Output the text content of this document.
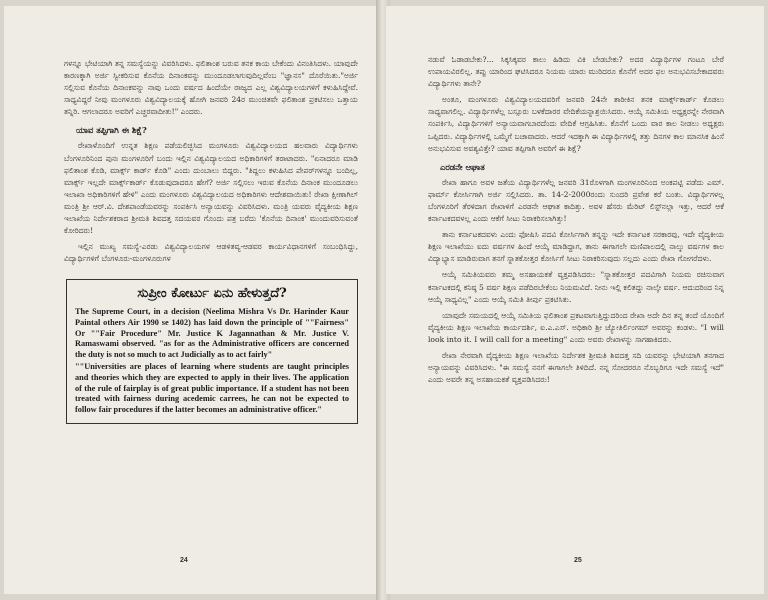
ಗಳನ್ನೂ ಭೇಟಿಯಾಗಿ ತನ್ನ ಸಮಸ್ಯೆಯನ್ನು ವಿವರಿಸಿದಳು. ಫಲಿತಾಂಶ ಬರುವ ತನಕ ಕಾಯ ಬೇಕೆಂದು ವಿನಂತಿಸಿದಳು. ಯಾವುದೇ ಕಾರಣಕ್ಕಾಗಿ ಅರ್ಜಿ ಸ್ವೀಕರಿಸುವ ಕೊನೆಯ ದಿನಾಂಕವನ್ನು ಮುಂದೂಡಲಾಗುವುದಿಲ್ಲವೆಂಬ "ಜ್ಞಾನಸ" ದೊರೆಯಿತು."ಅರ್ಜಿ ಸಲ್ಲಿಸುವ ಕೊನೆಯ ದಿನಾಂಕವನ್ನು ನಾವು ಒಂದು ವರ್ಷದ ಹಿಂದೆಯೇ ರಾಜ್ಯದ ಎಲ್ಲ ವಿಶ್ವವಿದ್ಯಾಲಯಗಳಿಗೆ ಕಳುಹಿಸಿದ್ದೇವೆ. ಸಾಧ್ಯವಿದ್ದರೆ ನೀವು ಮಂಗಳೂರು ವಿಶ್ವವಿದ್ಯಾಲಯಕ್ಕೆ ಹೋಗಿ ಜನವರಿ 24ರ ಮುಂಚಿತವೇ ಫಲಿತಾಂಶ ಪ್ರಕಟಿಸಲು ಒತ್ತಾಯ ತನ್ನಿರಿ. ಆಗಲಾದರೂ ಅವರಿಗೆ ಎಚ್ಚರವಾದೀತು!" ಎಂದರು.

ಯಾವ ತಪ್ಪಿಗಾಗಿ ಈ ಶಿಕ್ಷೆ?

ರೇಖಾಳೊಂದಿಗೆ ಉನ್ನತ ಶಿಕ್ಷಣ ಪಡೆಯಲಿಚ್ಛಿಸಿದ ಮಂಗಳೂರು ವಿಶ್ವವಿದ್ಯಾಲಯದ ಹಲವಾರು ವಿದ್ಯಾರ್ಥಿಗಳು ಬೆಂಗಳೂರಿನಿಂದ ಪುನಃ ಮಂಗಳೂರಿಗೆ ಬಂದು ಇಲ್ಲಿನ ವಿಶ್ವವಿದ್ಯಾಲಯದ ಅಧಿಕಾರಿಗಳಿಗೆ ತರಾಟಾದರು. "ಏನಾದರೂ ಮಾಡಿ ಫಲಿತಾಂಶ ಕೊಡಿ, ಮಾರ್ಕ್ಸ್ ಕಾರ್ಡ್ ಕೊಡಿ" ಎಂದು ದುಂಬಾಲು ಬಿದ್ದರು. "ತಿದ್ದಲು ಕಳುಹಿಸಿದ ಪೇಪರ್‌ಗಳನ್ನೂ ಬಂದಿಲ್ಲ, ಮಾರ್ಕ್ಸ್ ಇಲ್ಲದೇ ಮಾರ್ಕ್ಸ್‌ಕಾರ್ಡ್ ಕೊಡುವುದಾದರೂ ಹೇಗೆ? ಅರ್ಜಿ ಸಲ್ಲಿಸಲು ಇರುವ ಕೊನೆಯ ದಿನಾಂಕ ಮುಂದೂಡಲು ಇಲಾಖಾ ಅಧಿಕಾರಿಗಳಿಗೆ ಹೇಳಿ" ಎಂದು ಮಂಗಳೂರು ವಿಶ್ವವಿದ್ಯಾಲಯದ ಅಧಿಕಾರಿಗಳು ಆದೇಶವಾಯಿತು! ರೇಖಾ ಕ್ಷೀಣಾಗಿಲ್ ಮಂತ್ರಿ ಶ್ರೀ ಆರ್.ವಿ. ದೇಶಪಾಂಡೆಯವರನ್ನು ಸಂಪರ್ಕಿಸಿ ಅನ್ಯಾಯವನ್ನು ವಿವರಿಸಿದಳು. ಮಂತ್ರಿ ಯವರು ವೈದ್ಯಕೀಯ ಶಿಕ್ಷಣ ಇಲಾಖೆಯ ನಿರ್ದೇಶಕರಾದ ಶ್ರೀಮತಿ ಶಿವದತ್ತ ಸದಯವರ ಗೊಂದು ಪತ್ರ ಬರೆದು 'ಕೊನೆಯ ದಿನಾಂಕ' ಮುಂದುವರಿಸುವಂತೆ ಕೋರಿದರು!

ಇಲ್ಲಿನ ಮುಖ್ಯ ಸಮಸ್ಯೆ-ಎರಡು ವಿಶ್ವವಿದ್ಯಾಲಯಗಳ ಆಡಳಿತವ್ಯ-ಆಡವರ ಕಾರ್ಯವಿಧಾನಗಳಿಗೆ ಸಂಬಂಧಿಸಿದ್ದು, ವಿದ್ಯಾರ್ಥಿಗಳಿಗೆ ಬೆಂಗಳೂರು-ಮಂಗಳೂರುಗಳ

ಸುಪ್ರೀಂ ಕೋರ್ಟು ಏನು ಹೇಳುತ್ತದೆ?

The Supreme Court, in a decision (Neelima Mishra Vs Dr. Harinder Kaur Paintal others Air 1990 se 1402) has laid down the principle of ""Fairness" Or ""Fair Procedure" Mr. Justice K Jagannathan & Mr. Justice V. Ramaswami observed. "as for as the Administrative officers are concerned the duty is not so much to act Judicially as to act fairly"

""Universities are places of learning where students are taught principles and theories which they are expected to apply in their lives. The application of the rule of fairplay is of great public importance. If a student has not been treated with fairness during acedemic carrees, he can not be expected to follow fair procedures if the latter becomes an administrative officer."

24

ನಡುವೆ ಓಡಾಡಬೇಕು?... ಸಿಕ್ಕಸಿಕ್ಕವರ ಕಾಲು ಹಿಡಿದು ವಿಕಿ ಬೇಡಬೇಕು? ಅದರ ವಿದ್ಯಾರ್ಥಿಗಳ ಗಂಟೂ ಬೇರೆ ಉಪಾಯವಿರಲಿಲ್ಲ. ತಪ್ಪು ಯಾರಿಂದ ಘಟಿಸಿದರೂ ನಿಯಮ ಯಾರು ಮುರಿದರೂ ಕೊನೆಗೆ ಅದರ ಫಲ ಅನುಭವಿಸಬೇಕಾದವರು ವಿದ್ಯಾರ್ಥಿಗಳು ತಾನೇ?

ಅಂತೂ, ಮಂಗಳೂರು ವಿಶ್ವವಿದ್ಯಾಲಯದವರಿಗೆ ಜನವರಿ 24ನೇ ತಾರೀಕಿನ ತನಕ ಮಾರ್ಕ್ಸ್‌ಕಾರ್ಡ್ ಕೊಡಲು ಸಾಧ್ಯವಾಗಲಿಲ್ಲ. ವಿದ್ಯಾರ್ಥಿಗಳೆಲ್ಲ ಬಸ್ಸೂರು ಬಳಕೆದಾರರ ವೇದಿಕೆಯನ್ನಾಶ್ರಯಿಸಿದರು. ಆಯ್ಕೆ ಸಮಿತಿಯ ಅಧ್ಯಕ್ಷರನ್ನೇ ನೇರವಾಗಿ ಸಂಪರ್ಕಿಸಿ, ವಿದ್ಯಾರ್ಥಿಗಳಿಗೆ ಅನ್ಯಾಯವಾಗಬಾರದೆಂದು ವೇದಿಕೆ ಆಗ್ರಹಿಸಿತು. ಕೊನೆಗೆ ಒಂದು ವಾರ ಕಾಲ ನೀಡಲು ಅಧ್ಯಕ್ಷರು ಒಪ್ಪಿದರು. ವಿದ್ಯಾರ್ಥಿಗಳಲ್ಲಿ ಒಮ್ಮೆಗೆ ಬಚಾವಾದರು. ಆದರೆ ಇದಕ್ಕಾಗಿ ಈ ವಿದ್ಯಾರ್ಥಿಗಳಲ್ಲಿ ತತ್ತು ದಿನಗಳ ಕಾಲ ಮಾನಸಿಕ ಹಿಂಸೆ ಅನುಭವಿಸುವ ಅವಶ್ಯವಿತ್ತೇ? ಯಾವ ತಪ್ಪಿಗಾಗಿ ಅವರಿಗೆ ಈ ಶಿಕ್ಷೆ?

ಎರಡನೇ ಆಘಾತ

ರೇಖಾ ಹಾಗೂ ಅವಳ ಜತೆಯ ವಿದ್ಯಾರ್ಥಿಗಳೆಲ್ಲ ಜನವರಿ 31ರೊಳಗಾಗಿ ಮಂಗಳೂರಿನಿಂದ ಅಂಕಪಟ್ಟಿ ಪಡೆದು ಎಮ್. ಫಾರ್ಮ್ ಕೋರ್ಸಿಗಾಗಿ ಅರ್ಜಿ ಸಲ್ಲಿಸಿದರು. ತಾ. 14-2-2000ರಂದು ಸುಂದರಿ ಪ್ರವೇಶ ಕರೆ ಬಂತು. ವಿದ್ಯಾರ್ಥಿಗಳಲ್ಲ ಬೆಂಗಳೂರಿಗೆ ತೆರಳಿದಾಗ ರೇಖಾಳಿಗೆ ಎರಡನೇ ಆಘಾತ ಕಾದಿತ್ತು. ಅವಳ ಹೆಸರು ಮೆರಿಟ್ ಲಿಸ್ಟ್‌ನಲ್ಲಾ ಇತ್ತು, ಆದರೆ ಆಕೆ ಕರ್ನಾಟಕದವಳಲ್ಲ ಎಂದು ಆಕೆಗೆ ಸೀಟು ನಿರಾಕರಿಸಲಾಗಿತ್ತು!

ತಾನು ಕರ್ನಾಟಕದವಳು ಎಂದು ಫೋಷಿಸಿ ಪದವಿ ಕೋರ್ಸಿಗಾಗಿ ತನ್ನನ್ನು ಇದೇ ಕರ್ನಾಟಕ ಸರಕಾರವು, ಇದೇ ವೈದ್ಯಕೀಯ ಶಿಕ್ಷಣ ಇಲಾಖೆಯು ಐದು ವರ್ಷಗಳ ಹಿಂದೆ ಆಯ್ಕೆ ಮಾಡಿದ್ದಾಗ, ತಾನು ಈಗಾಗಲೇ ಮಣಿಪಾಲದಲ್ಲಿ ನಾಲ್ಕು ವರ್ಷಗಳ ಕಾಲ ವಿದ್ಯಾಭ್ಯಾಸ ಮಾಡಿರುವಾಗ ತನಗೆ ಸ್ನಾತಕೋತ್ತರ ಕೋರ್ಸಿಗೆ ಸೀಟು ನಿರಾಕರಿಸುವುದು ಸಲ್ಲದು ಎಂದು ರೇಖಾ ಗೋಗರೆದಳು.

ಆಯ್ಕೆ ಸಮಿತಿಯವರು ತಮ್ಮ ಅಸಹಾಯಕತೆ ವ್ಯಕ್ತಪಡಿಸಿದರು: "ಸ್ನಾತಕೋತ್ತರ ಪದವಿಗಾಗಿ ನಿಯಮ ರಚಿಸುವಾಗ ಕರ್ನಾಟಕದಲ್ಲಿ ಕನಿಷ್ಠ 5 ವರ್ಷ ಶಿಕ್ಷಣ ಪಡೆದಿರಬೇಕೆಂಬ ನಿಯಮವಿದೆ. ನೀನು ಇಲ್ಲಿ ಕಲಿತದ್ದು ನಾಲ್ಕೇ ವರ್ಷ. ಆದುದರಿಂದ ನಿನ್ನ ಆಯ್ಕೆ ಸಾಧ್ಯವಿಲ್ಲ" ಎಂದು ಆಯ್ಕೆ ಸಮಿತಿ ತೀರ್ಪು ಪ್ರಕಟಿಸಿತು.

ಯಾವುದೇ ಸಮಯದಲ್ಲಿ ಆಯ್ಕೆ ಸಮಿತಿಯ ಫಲಿತಾಂಶ ಪ್ರಕಟವಾಗುತ್ತಿದ್ದುದರಿಂದ ರೇಖಾ ಅದೇ ದಿನ ತನ್ನ ತಂದೆ ಯೊಂದಿಗೆ ವೈದ್ಯಕೀಯ ಶಿಕ್ಷಣ ಇಲಾಖೆಯ ಕಾರ್ಯದರ್ಶಿ, ಐ.ಎ.ಎಸ್. ಅಧಿಕಾರಿ ಶ್ರೀ ಜ್ಯೋತಿರ್ಲಿಂಗಮ್ ಅವರನ್ನು ಕಂಡಳು. "I will look into it. I will call for a meeting" ಎಂದು ಅವರು ರೇಖಾಳನ್ನು ಸಾಗಹಾಕಿದರು.

ರೇಖಾ ನೇರವಾಗಿ ವೈದ್ಯಕೀಯ ಶಿಕ್ಷಣ ಇಲಾಖೆಯ ನಿರ್ದೇಶಕ ಶ್ರೀಮತಿ ಶಿವದತ್ತ ಸದಿ ಯವರನ್ನು ಭೇಟಿಯಾಗಿ ತನಗಾದ ಅನ್ಯಾಯವನ್ನು ವಿವರಿಸಿದಳು. "ಈ ಸಮಸ್ಯೆ ನನಗೆ ಈಗಾಗಲೇ ತಿಳಿದಿದೆ. ನನ್ನ ಸೋದರರೂ ನೊಬ್ಬರಿಗೂ ಇದೇ ಸಮಸ್ಯೆ ಇದೆ" ಎಂದು ಅವರೇ ತನ್ನ ಅಸಹಾಯಕತೆ ವ್ಯಕ್ತಪಡಿಸಿದರು!

25
